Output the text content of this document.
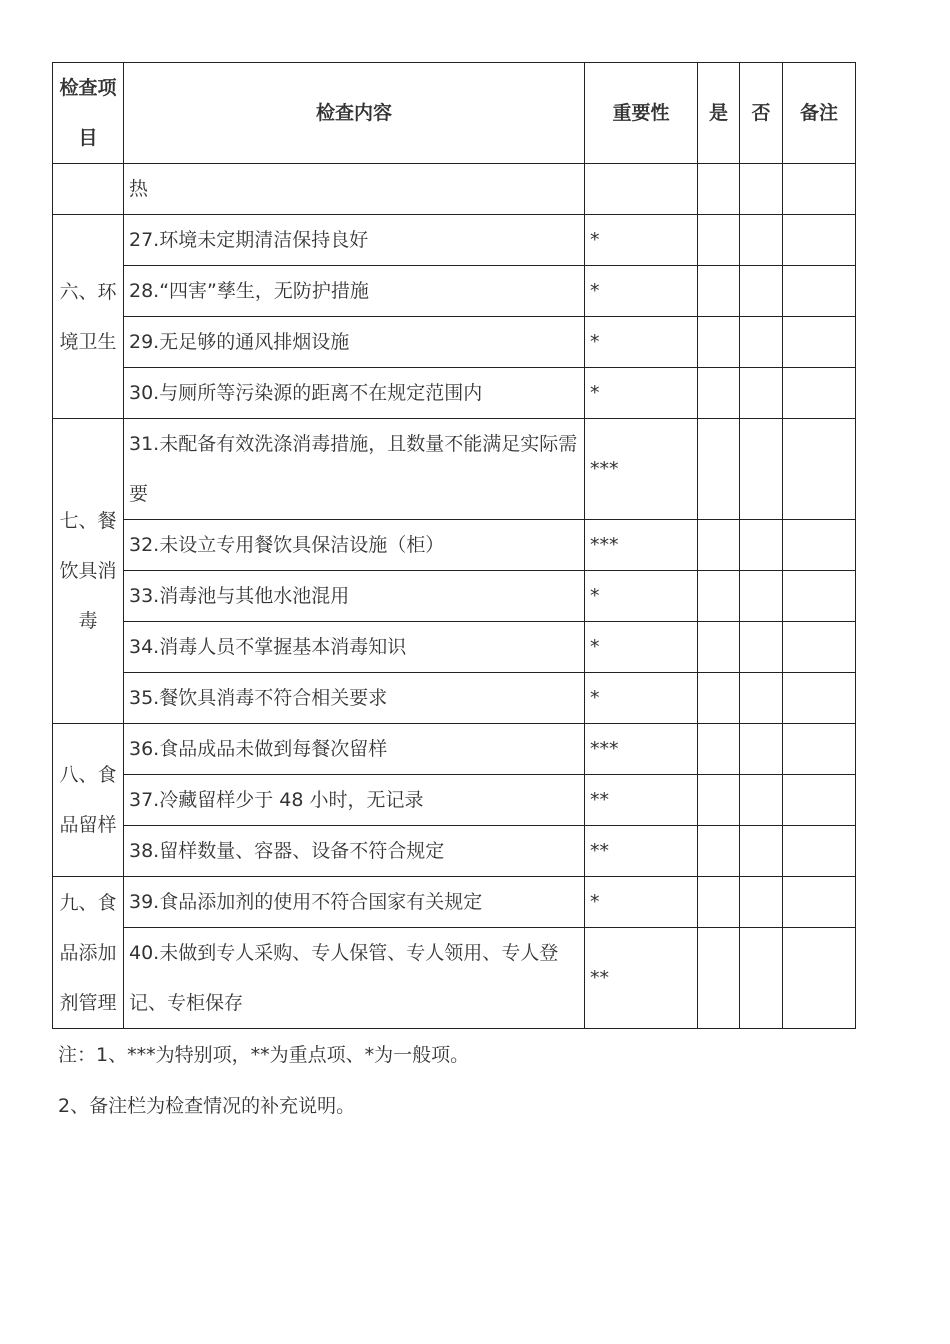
检查项目	检查内容	重要性	是	否	备注
	热				
六、环境卫生	27.环境未定期清洁保持良好	*			
	28.“四害”孳生，无防护措施	*			
	29.无足够的通风排烟设施	*			
	30.与厕所等污染源的距离不在规定范围内	*			
七、餐饮具消毒	31.未配备有效洗涤消毒措施，且数量不能满足实际需要	***			
	32.未设立专用餐饮具保洁设施（柜）	***			
	33.消毒池与其他水池混用	*			
	34.消毒人员不掌握基本消毒知识	*			
	35.餐饮具消毒不符合相关要求	*			
八、食品留样	36.食品成品未做到每餐次留样	***			
	37.冷藏留样少于 48 小时，无记录	**			
	38.留样数量、容器、设备不符合规定	**			
九、食品添加剂管理	39.食品添加剂的使用不符合国家有关规定	*			
	40.未做到专人采购、专人保管、专人领用、专人登记、专柜保存	**			
注：1、***为特别项，**为重点项、*为一般项。
2、备注栏为检查情况的补充说明。
